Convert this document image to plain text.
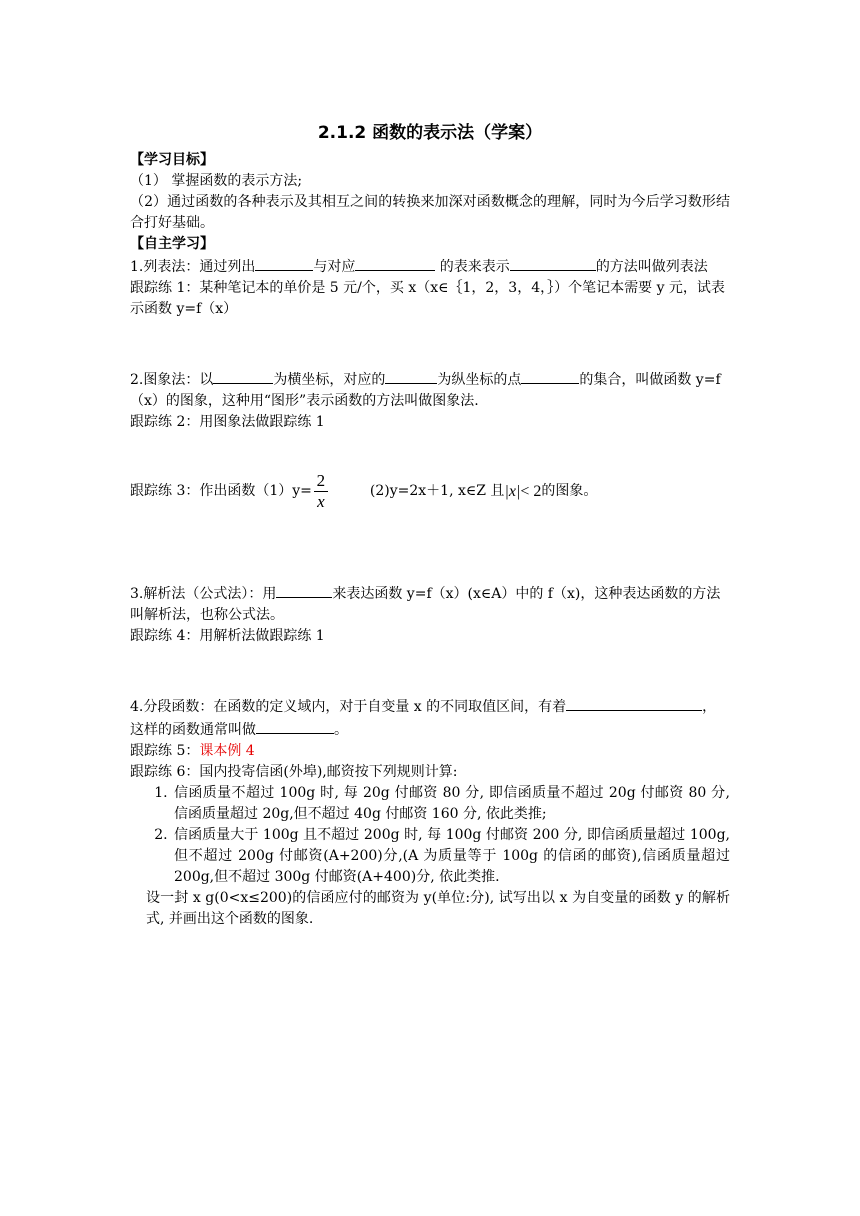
2.1.2 函数的表示法（学案）

【学习目标】

（1） 掌握函数的表示方法;

（2）通过函数的各种表示及其相互之间的转换来加深对函数概念的理解，同时为今后学习数形结合打好基础。

【自主学习】

1.列表法：通过列出	与对应	的表来表示	的方法叫做列表法

跟踪练 1：某种笔记本的单价是 5 元/个，买 x（x∈｛1，2，3，4，｝）个笔记本需要 y 元，试表示函数 y=f（x）

2.图象法：以	为横坐标，对应的	为纵坐标的点	的集合，叫做函数 y=f（x）的图象，这种用“图形”表示函数的方法叫做图象法.

跟踪练 2：用图象法做跟踪练 1

跟踪练 3：作出函数$(1)y= \frac{2}{x}$	(2)y=2x＋1, x∈Z 且 |x| < 2 的图象。

3.解析法（公式法）：用	来表达函数 y=f（x）(x∈A）中的 f（x)，这种表达函数的方法叫解析法，也称公式法。

跟踪练 4：用解析法做跟踪练 1

4.分段函数：在函数的定义域内，对于自变量 x 的不同取值区间，有着	，

这样的函数通常叫做	。

跟踪练 5：课本例 4

跟踪练 6：国内投寄信函(外埠),邮资按下列规则计算:

1. 信函质量不超过 100g 时, 每 20g 付邮资 80 分, 即信函质量不超过 20g 付邮资 80 分, 信函质量超过 20g,但不超过 40g 付邮资 160 分, 依此类推;
2. 信函质量大于 100g 且不超过 200g 时, 每 100g 付邮资 200 分, 即信函质量超过 100g, 但不超过 200g 付邮资(A+200)分,(A 为质量等于 100g 的信函的邮资),信函质量超过 200g,但不超过 300g 付邮资(A+400)分, 依此类推.

设一封 x g(0<x≤200)的信函应付的邮资为 y(单位:分), 试写出以 x 为自变量的函数 y 的解析式, 并画出这个函数的图象.
